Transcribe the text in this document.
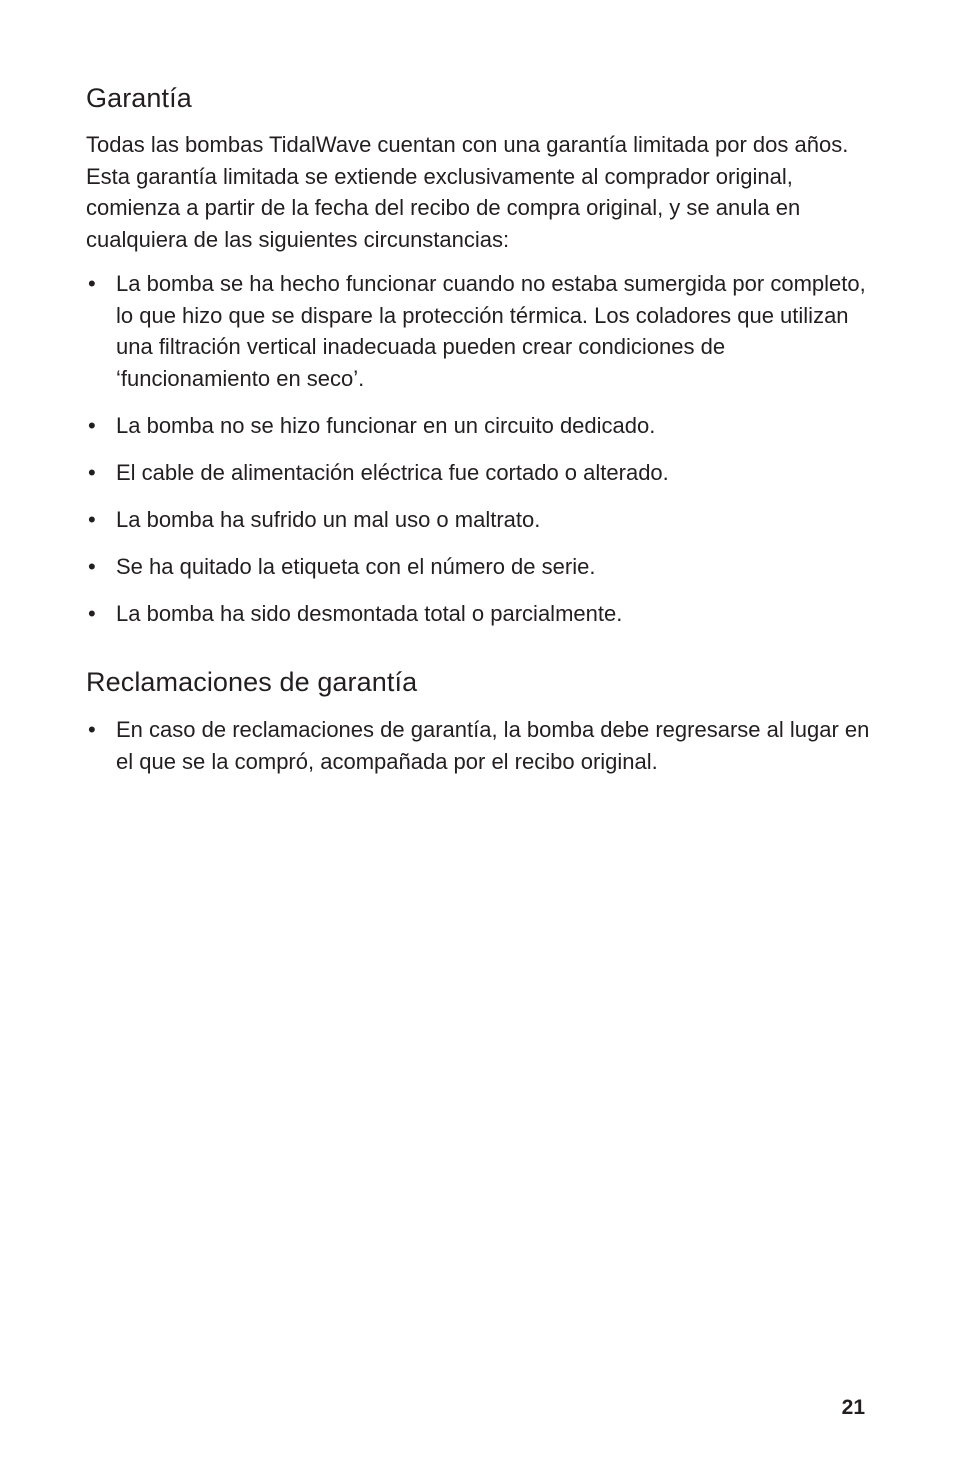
Garantía

Todas las bombas TidalWave cuentan con una garantía limitada por dos años. Esta garantía limitada se extiende exclusivamente al comprador original, comienza a partir de la fecha del recibo de compra original, y se anula en cualquiera de las siguientes circunstancias:

• La bomba se ha hecho funcionar cuando no estaba sumergida por completo, lo que hizo que se dispare la protección térmica. Los coladores que utilizan una filtración vertical inadecuada pueden crear condiciones de ‘funcionamiento en seco’.
• La bomba no se hizo funcionar en un circuito dedicado.
• El cable de alimentación eléctrica fue cortado o alterado.
• La bomba ha sufrido un mal uso o maltrato.
• Se ha quitado la etiqueta con el número de serie.
• La bomba ha sido desmontada total o parcialmente.
Reclamaciones de garantía
• En caso de reclamaciones de garantía, la bomba debe regresarse al lugar en el que se la compró, acompañada por el recibo original.
21
